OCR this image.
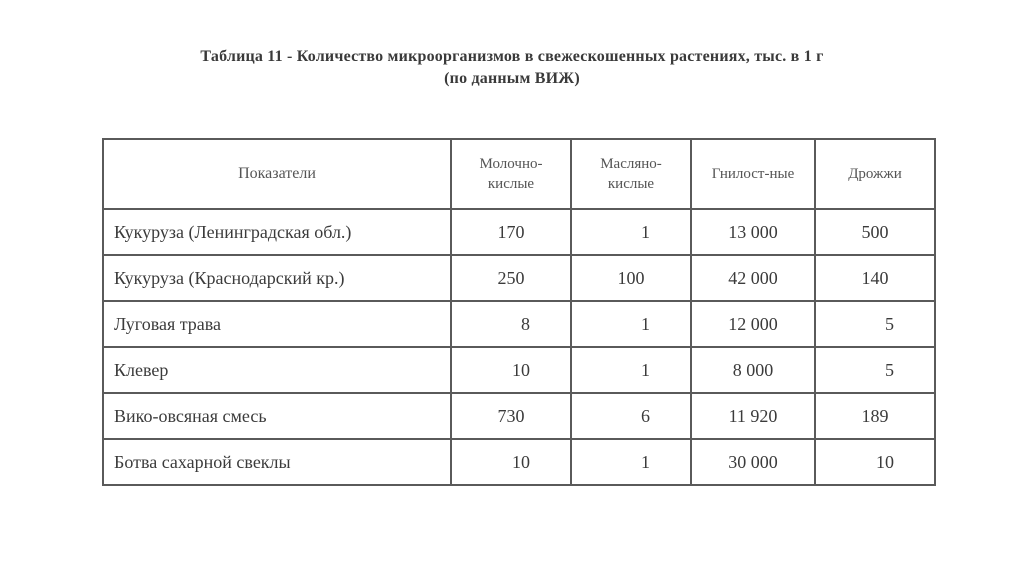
Таблица 11 - Количество микроорганизмов в свежескошенных растениях, тыс. в 1 г
(по данным ВИЖ)
Показатели	Молочно-кислые	Масляно-кислые	Гнилост-ные	Дрожжи
Кукуруза (Ленинградская обл.)	170	1	13 000	500
Кукуруза (Краснодарский кр.)	250	100	42 000	140
Луговая трава	8	1	12 000	5
Клевер	10	1	8 000	5
Вико-овсяная смесь	730	6	11 920	189
Ботва сахарной свеклы	10	1	30 000	10
